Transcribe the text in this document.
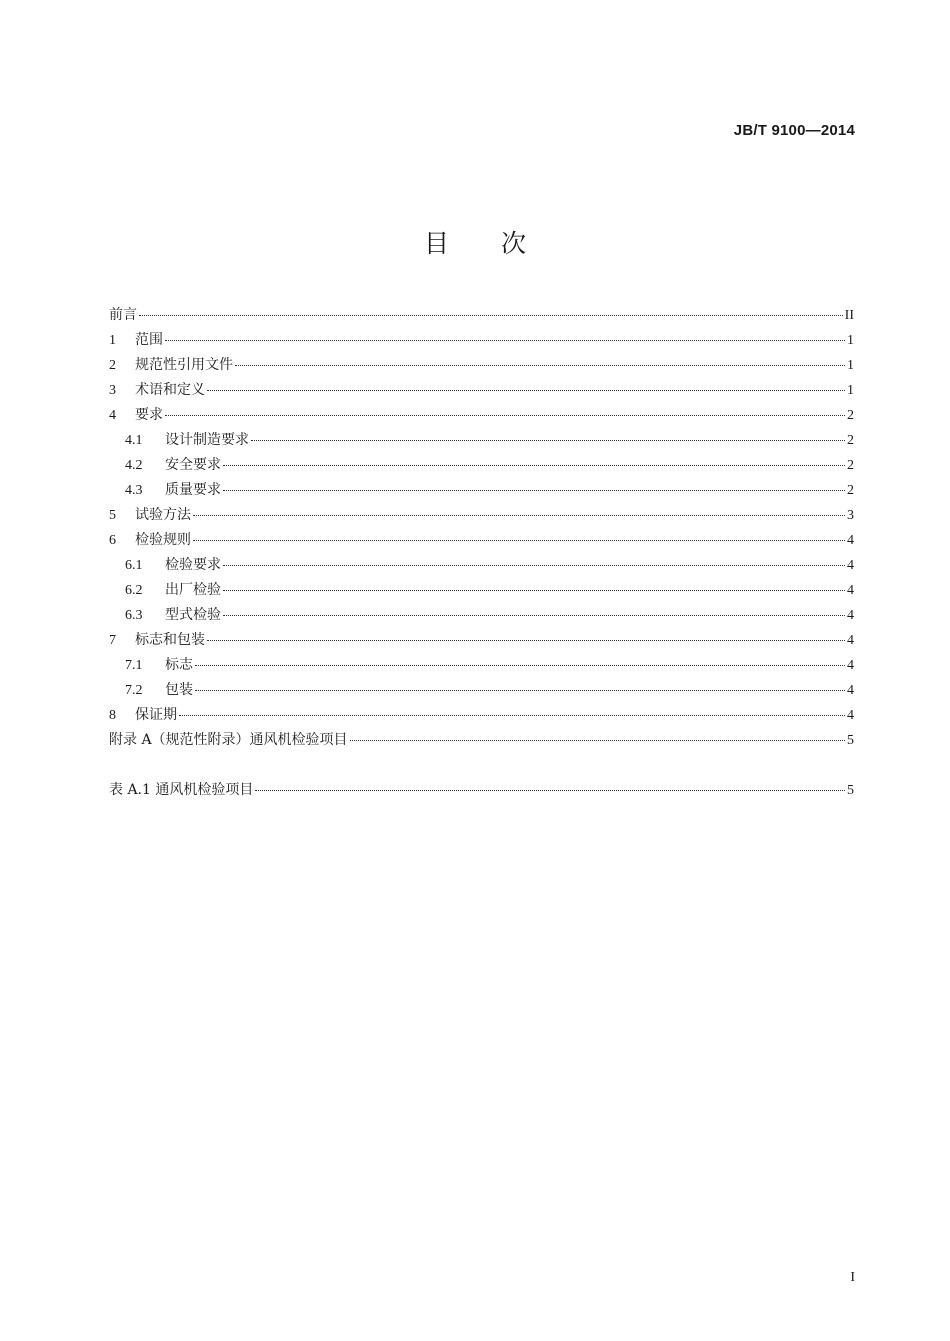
JB/T 9100—2014
目次
前言	II
1	范围	1
2	规范性引用文件	1
3	术语和定义	1
4	要求	2
4.1	设计制造要求	2
4.2	安全要求	2
4.3	质量要求	2
5	试验方法	3
6	检验规则	4
6.1	检验要求	4
6.2	出厂检验	4
6.3	型式检验	4
7	标志和包装	4
7.1	标志	4
7.2	包装	4
8	保证期	4
附录 A（规范性附录）通风机检验项目	5
表 A.1 通风机检验项目	5
I
